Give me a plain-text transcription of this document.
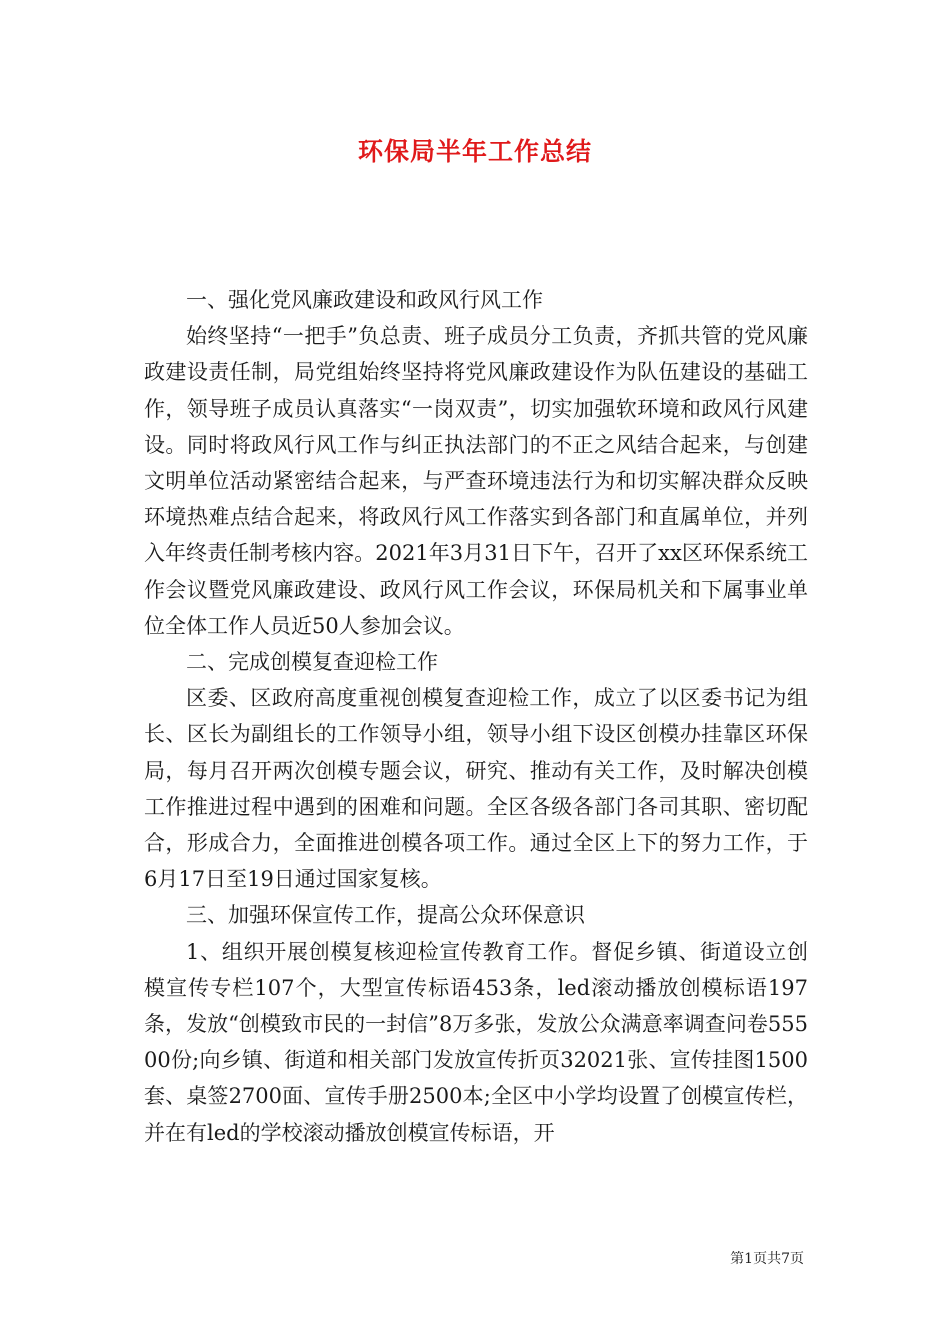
环保局半年工作总结

一、强化党风廉政建设和政风行风工作

始终坚持“一把手”负总责、班子成员分工负责，齐抓共管的党风廉政建设责任制，局党组始终坚持将党风廉政建设作为队伍建设的基础工作，领导班子成员认真落实“一岗双责”，切实加强软环境和政风行风建设。同时将政风行风工作与纠正执法部门的不正之风结合起来，与创建文明单位活动紧密结合起来，与严查环境违法行为和切实解决群众反映环境热难点结合起来，将政风行风工作落实到各部门和直属单位，并列入年终责任制考核内容。2021年3月31日下午，召开了xx区环保系统工作会议暨党风廉政建设、政风行风工作会议，环保局机关和下属事业单位全体工作人员近50人参加会议。

二、完成创模复查迎检工作

区委、区政府高度重视创模复查迎检工作，成立了以区委书记为组长、区长为副组长的工作领导小组，领导小组下设区创模办挂靠区环保局，每月召开两次创模专题会议，研究、推动有关工作，及时解决创模工作推进过程中遇到的困难和问题。全区各级各部门各司其职、密切配合，形成合力，全面推进创模各项工作。通过全区上下的努力工作，于6月17日至19日通过国家复核。

三、加强环保宣传工作，提高公众环保意识

1、组织开展创模复核迎检宣传教育工作。督促乡镇、街道设立创模宣传专栏107个，大型宣传标语453条，led滚动播放创模标语197条，发放“创模致市民的一封信”8万多张，发放公众满意率调查问卷55500份;向乡镇、街道和相关部门发放宣传折页32021张、宣传挂图1500套、桌签2700面、宣传手册2500本;全区中小学均设置了创模宣传栏，并在有led的学校滚动播放创模宣传标语，开

第1页共7页
